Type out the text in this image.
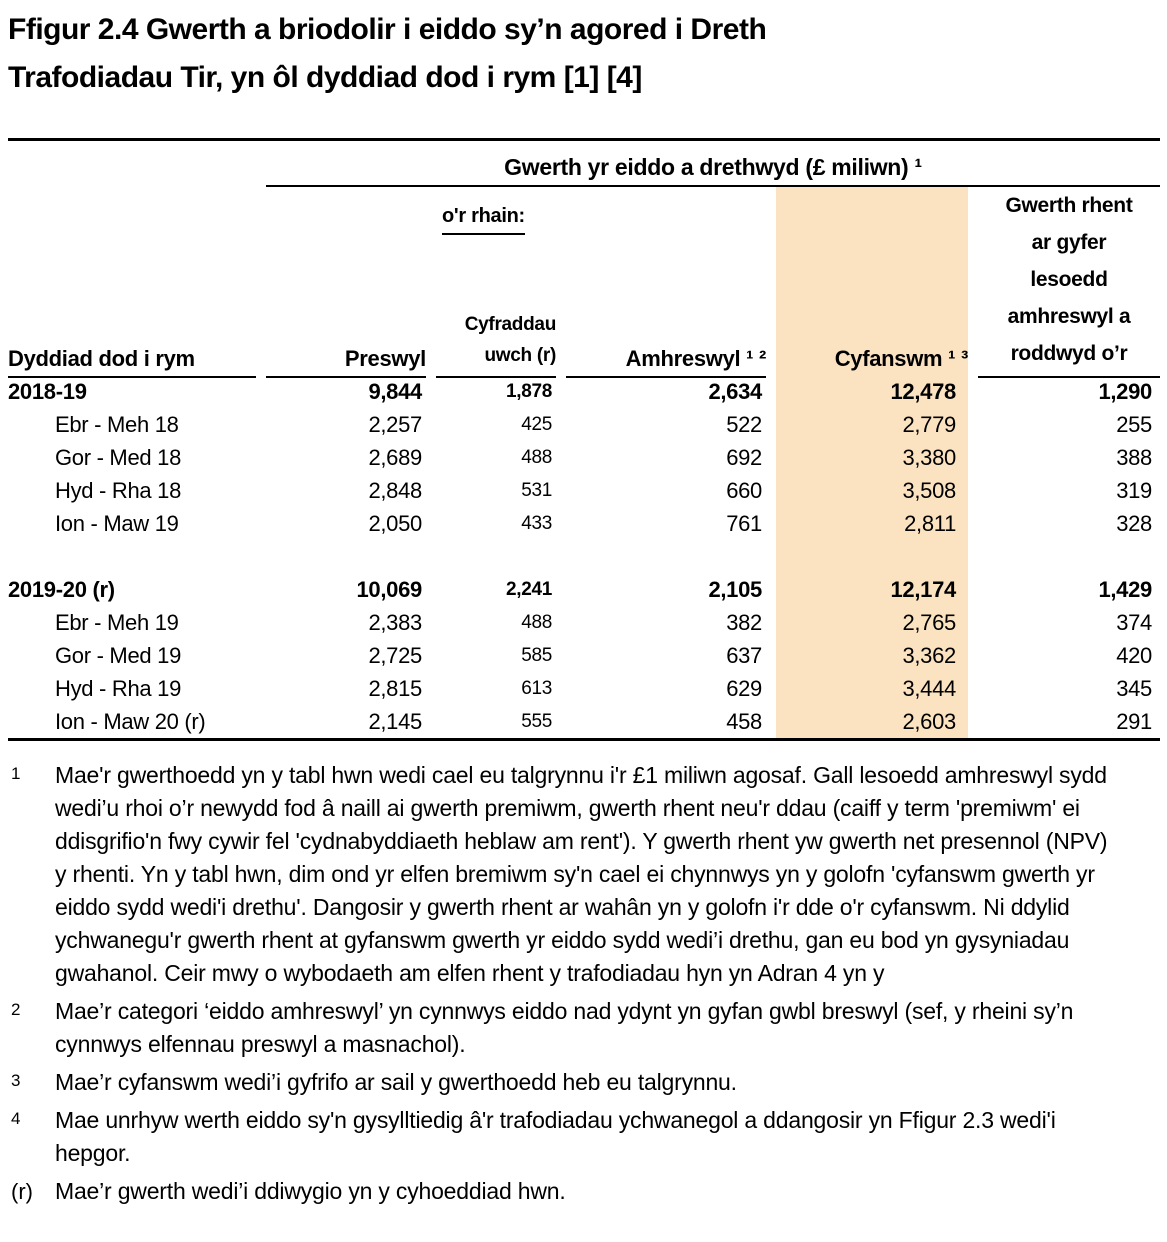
Ffigur 2.4 Gwerth a briodolir i eiddo sy’n agored i Dreth
Trafodiadau Tir, yn ôl dyddiad dod i rym [1] [4]
Gwerth yr eiddo a drethwyd (£ miliwn) ¹
Dyddiad dod i rym	Preswyl
o'r rhain:
Cyfraddau
uwch (r)	Amhreswyl ¹ ²	Cyfanswm ¹ ³
Gwerth rhent
ar gyfer
lesoedd
amhreswyl a
roddwyd o’r
2018-19	9,844	1,878	2,634	12,478	1,290
Ebr - Meh 18	2,257	425	522	2,779	255
Gor - Med 18	2,689	488	692	3,380	388
Hyd - Rha 18	2,848	531	660	3,508	319
Ion - Maw 19	2,050	433	761	2,811	328
2019-20 (r)	10,069	2,241	2,105	12,174	1,429
Ebr - Meh 19	2,383	488	382	2,765	374
Gor - Med 19	2,725	585	637	3,362	420
Hyd - Rha 19	2,815	613	629	3,444	345
Ion - Maw 20 (r)	2,145	555	458	2,603	291
1	Mae'r gwerthoedd yn y tabl hwn wedi cael eu talgrynnu i'r £1 miliwn agosaf. Gall lesoedd amhreswyl sydd wedi’u rhoi o’r newydd fod â naill ai gwerth premiwm, gwerth rhent neu'r ddau (caiff y term 'premiwm' ei ddisgrifio'n fwy cywir fel 'cydnabyddiaeth heblaw am rent'). Y gwerth rhent yw gwerth net presennol (NPV) y rhenti. Yn y tabl hwn, dim ond yr elfen bremiwm sy'n cael ei chynnwys yn y golofn 'cyfanswm gwerth yr eiddo sydd wedi'i drethu'. Dangosir y gwerth rhent ar wahân yn y golofn i'r dde o'r cyfanswm. Ni ddylid ychwanegu'r gwerth rhent at gyfanswm gwerth yr eiddo sydd wedi’i drethu, gan eu bod yn gysyniadau gwahanol. Ceir mwy o wybodaeth am elfen rhent y trafodiadau hyn yn Adran 4 yn y
2	Mae’r categori ‘eiddo amhreswyl’ yn cynnwys eiddo nad ydynt yn gyfan gwbl breswyl (sef, y rheini sy’n cynnwys elfennau preswyl a masnachol).
3	Mae’r cyfanswm wedi’i gyfrifo ar sail y gwerthoedd heb eu talgrynnu.
4	Mae unrhyw werth eiddo sy'n gysylltiedig â'r trafodiadau ychwanegol a ddangosir yn Ffigur 2.3 wedi'i hepgor.
(r) Mae’r gwerth wedi’i ddiwygio yn y cyhoeddiad hwn.
